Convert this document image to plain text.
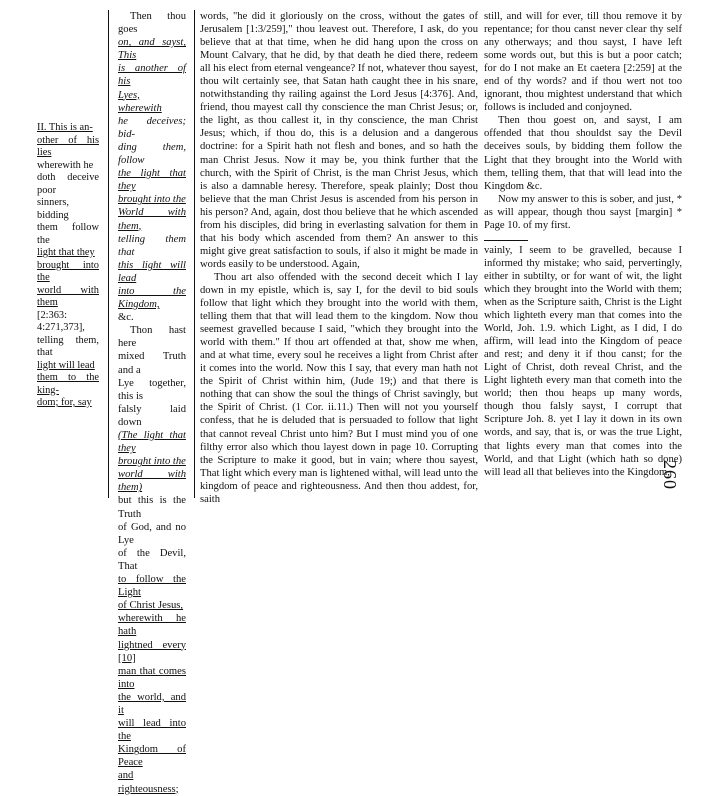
II. This is an-
other of his lies
wherewith he
doth deceive poor
sinners, bidding
them follow the
light that they
brought into the
world with them
[2:363: 4:271,373],
telling them, that
light will lead
them to the king-
dom; for, say
Then thou goes
on, and sayst, This
is another of his
Lyes, wherewith
he deceives; bid-
ding them, follow
the light that they
brought into the
World with them,
telling them that
this light will lead
into the Kingdom,
&c.
Thon hast here
mixed Truth and a
Lye together, this is
falsly laid down
(The light that they
brought into the
world with them)
but this is the Truth
of God, and no Lye
of the Devil, That
to follow the Light
of Christ Jesus,
wherewith he hath
lightned every [10]
man that comes into
the world, and it
will lead into the
Kingdom of Peace
and righteousness;

words, "he did it gloriously on the cross, without the gates of Jerusalem [1:3/259]," thou leavest out. Therefore, I ask, do you believe that at that time, when he did hang upon the cross on Mount Calvary, that he did, by that death he died there, redeem all his elect from eternal vengeance? If not, whatever thou sayest, thou wilt certainly see, that Satan hath caught thee in his snare, notwithstanding thy railing against the Lord Jesus [4:376]. And, friend, thou mayest call thy conscience the man Christ Jesus; or, the light, as thou callest it, in thy conscience, the man Christ Jesus; which, if thou do, this is a delusion and a dangerous doctrine: for a Spirit hath not flesh and bones, and so hath the man Christ Jesus. Now it may be, you think further that the church, with the Spirit of Christ, is the man Christ Jesus, which is also a damnable heresy. Therefore, speak plainly; Dost thou believe that the man Christ Jesus is ascended from his person in his person? And, again, dost thou believe that he which ascended from his disciples, did bring in everlasting salvation for them in that his body which ascended from them? An answer to this might give great satisfaction to souls, if also it might be made in words easily to be understood. Again,

Thou art also offended with the second deceit which I lay down in my epistle, which is, say I, for the devil to bid souls follow that light which they brought into the world with them, telling them that that will lead them to the kingdom. Now thou seemest gravelled because I said, "which they brought into the world with them." If thou art offended at that, show me when, and at what time, every soul he receives a light from Christ after it comes into the world. Now this I say, that every man hath not the Spirit of Christ within him, (Jude 19;) and that there is nothing that can show the soul the things of Christ savingly, but the Spirit of Christ. (1 Cor. ii.11.) Then will not you yourself confess, that he is deluded that is persuaded to follow that light that cannot reveal Christ unto him? But I must mind you of one filthy error also which thou layest down in page 10. Corrupting the Scripture to make it good, but in vain; where thou sayest, That light which every man is lightened withal, will lead unto the kingdom of peace and righteousness. And then thou addest, for, saith

still, and will for ever, till thou remove it by repentance; for thou canst never clear thy self any otherways; and thou sayst, I have left some words out, but this is but a poor catch; for do I not make an Et caetera [2:259] at the end of thy words? and if thou wert not too ignorant, thou mightest understand that which follows is included and conjoyned.

Then thou goest on, and sayst, I am offended that thou shouldst say the Devil deceives souls, by bidding them follow the Light that they brought into the World with them, telling them, that that will lead into the Kingdom &c.

Now my answer to this is sober, and just, * as will appear, though thou sayst [margin] * Page 10. of my first.

vainly, I seem to be gravelled, because I informed thy mistake; who said, pervertingly, either in subtilty, or for want of wit, the light which they brought into the World with them; when as the Scripture saith, Christ is the Light which lighteth every man that comes into the World, Joh. 1.9. which Light, as I did, I do affirm, will lead into the Kingdom of peace and rest; and deny it if thou canst; for the Light of Christ, doth reveal Christ, and the Light lighteth every man that cometh into the world; then thou heaps up many words, though thou falsly sayst, I corrupt that Scripture Joh. 8. yet I lay it down in its own words, and say, that is, or was the true Light, that lights every man that comes into the World, and that Light (which hath so done) will lead all that believes into the Kingdom,

260
